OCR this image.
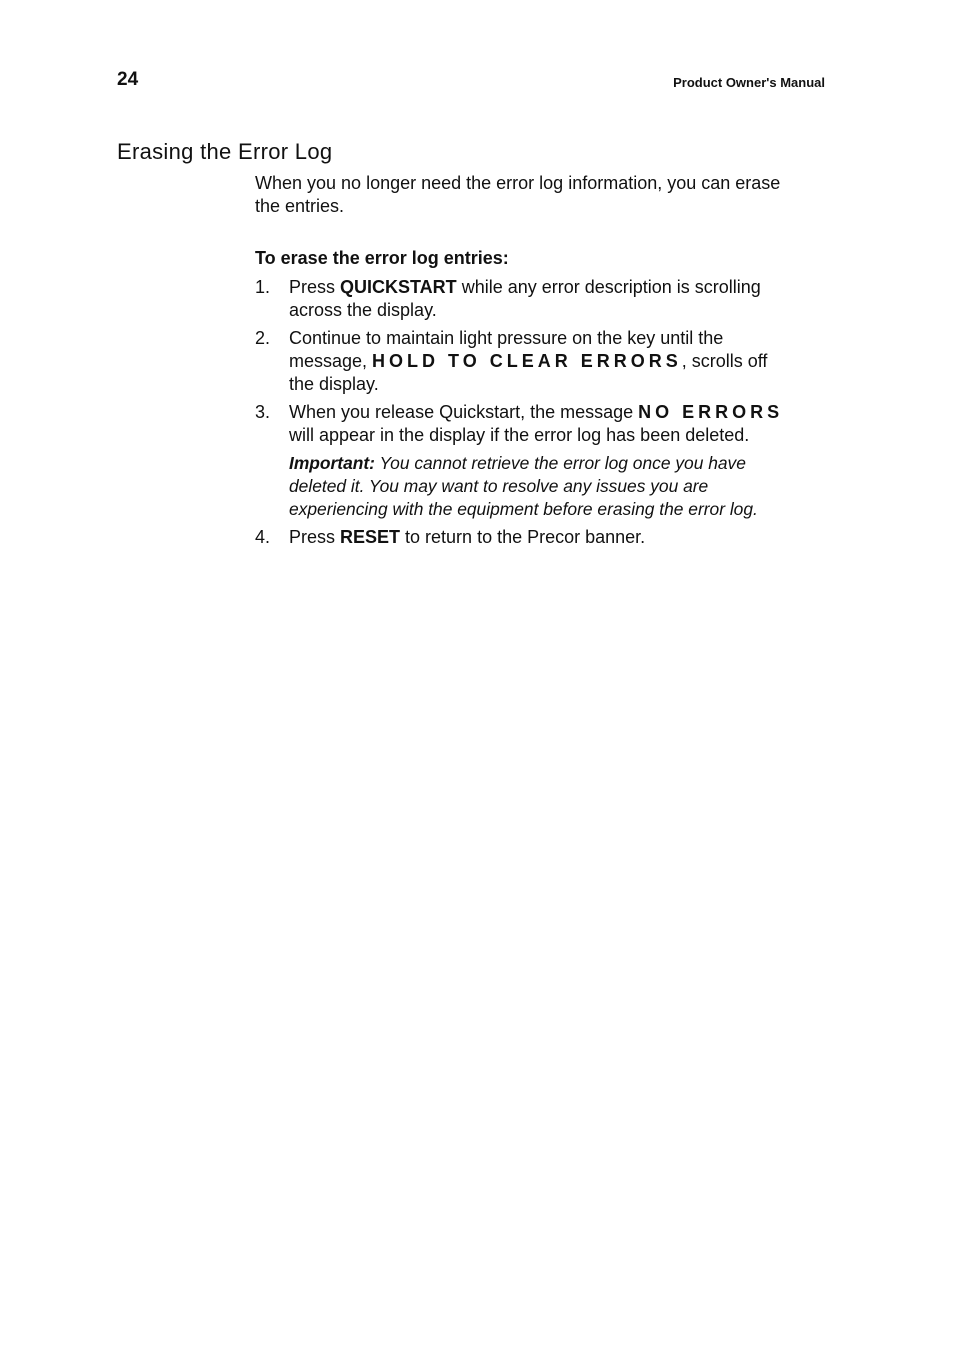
24	Product Owner's Manual
Erasing the Error Log

When you no longer need the error log information, you can erase the entries.

To erase the error log entries:

1. Press QUICKSTART while any error description is scrolling across the display.
2. Continue to maintain light pressure on the key until the message, HOLD TO CLEAR ERRORS, scrolls off the display.
3. When you release Quickstart, the message NO ERRORS will appear in the display if the error log has been deleted.

Important: You cannot retrieve the error log once you have deleted it. You may want to resolve any issues you are experiencing with the equipment before erasing the error log.

4. Press RESET to return to the Precor banner.
